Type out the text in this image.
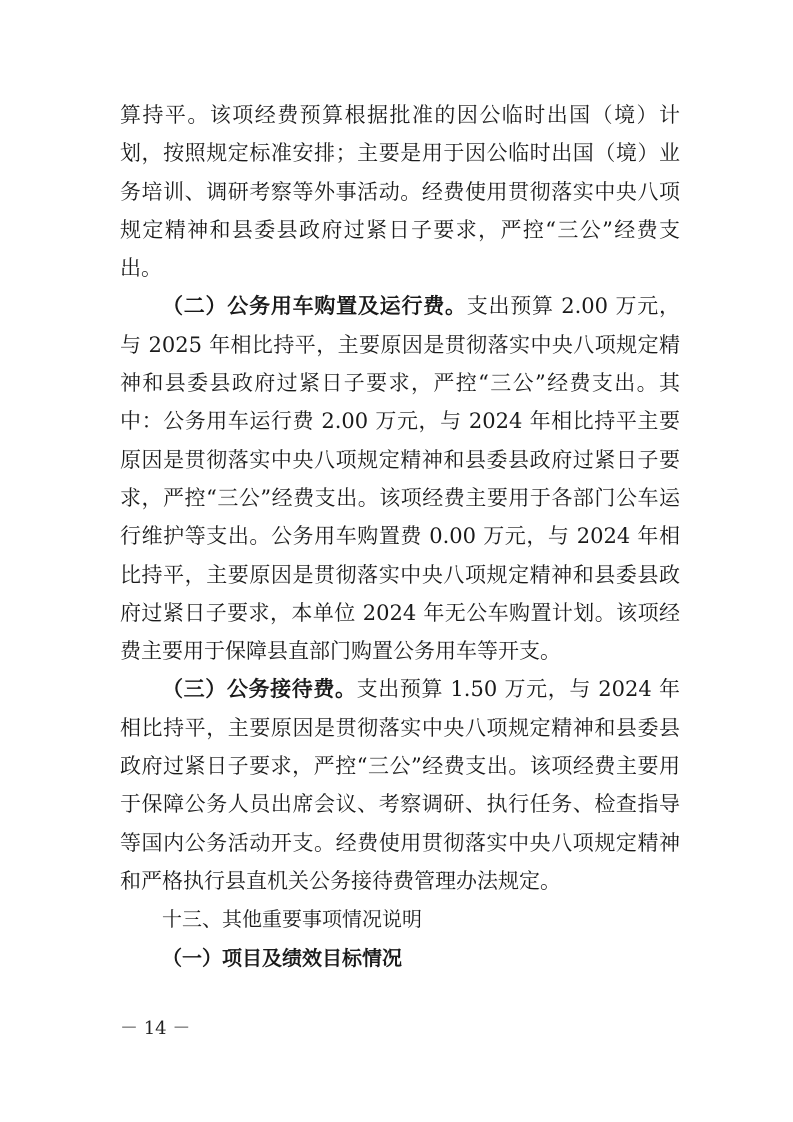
算持平。该项经费预算根据批准的因公临时出国（境）计划，按照规定标准安排；主要是用于因公临时出国（境）业务培训、调研考察等外事活动。经费使用贯彻落实中央八项规定精神和县委县政府过紧日子要求，严控“三公”经费支出。

（二）公务用车购置及运行费。支出预算 2.00 万元，与 2025 年相比持平，主要原因是贯彻落实中央八项规定精神和县委县政府过紧日子要求，严控“三公”经费支出。其中：公务用车运行费 2.00 万元，与 2024 年相比持平主要原因是贯彻落实中央八项规定精神和县委县政府过紧日子要求，严控“三公”经费支出。该项经费主要用于各部门公车运行维护等支出。公务用车购置费 0.00 万元，与 2024 年相比持平，主要原因是贯彻落实中央八项规定精神和县委县政府过紧日子要求，本单位 2024 年无公车购置计划。该项经费主要用于保障县直部门购置公务用车等开支。

（三）公务接待费。支出预算 1.50 万元，与 2024 年相比持平，主要原因是贯彻落实中央八项规定精神和县委县政府过紧日子要求，严控“三公”经费支出。该项经费主要用于保障公务人员出席会议、考察调研、执行任务、检查指导等国内公务活动开支。经费使用贯彻落实中央八项规定精神和严格执行县直机关公务接待费管理办法规定。

十三、其他重要事项情况说明

（一）项目及绩效目标情况

－ 14 －
